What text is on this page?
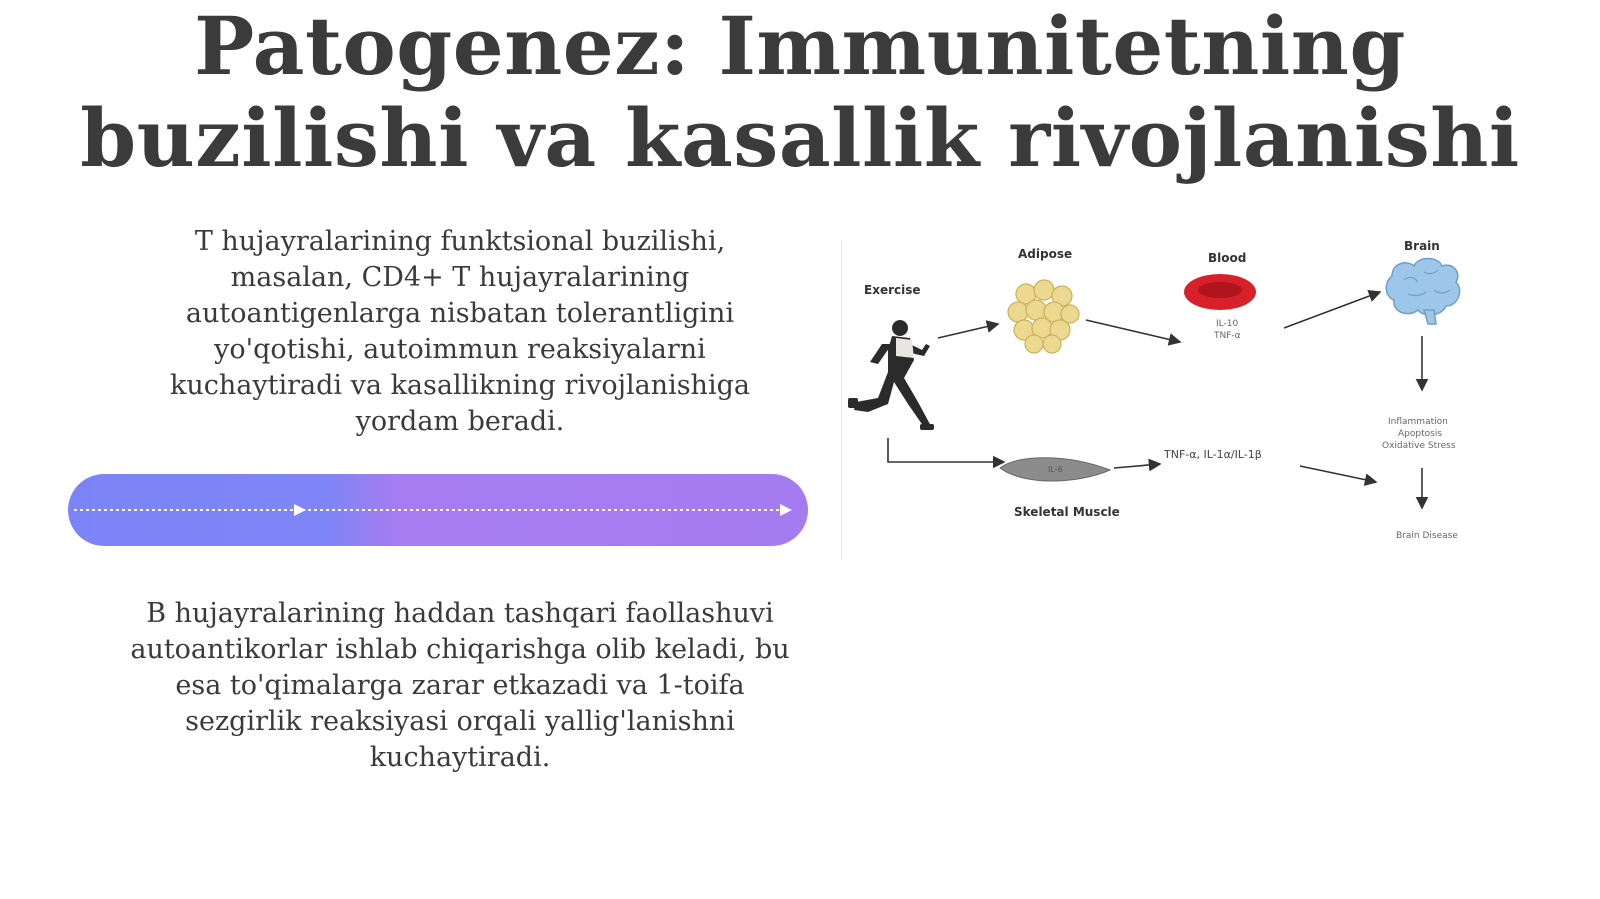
Patogenez: Immunitetning
buzilishi va kasallik rivojlanishi
T hujayralarining funktsional buzilishi, masalan, CD4+ T hujayralarining autoantigenlarga nisbatan tolerantligini yo'qotishi, autoimmun reaksiyalarni kuchaytiradi va kasallikning rivojlanishiga yordam beradi.
B hujayralarining haddan tashqari faollashuvi autoantikorlar ishlab chiqarishga olib keladi, bu esa to'qimalarga zarar etkazadi va 1-toifa sezgirlik reaksiyasi orqali yallig'lanishni kuchaytiradi.
Exercise
Adipose	Blood
Brain
IL-10
TNF-α
Inflammation
Apoptosis
Oxidative Stress
Brain Disease
IL-6
Skeletal Muscle
TNF-α, IL-1α/IL-1β
